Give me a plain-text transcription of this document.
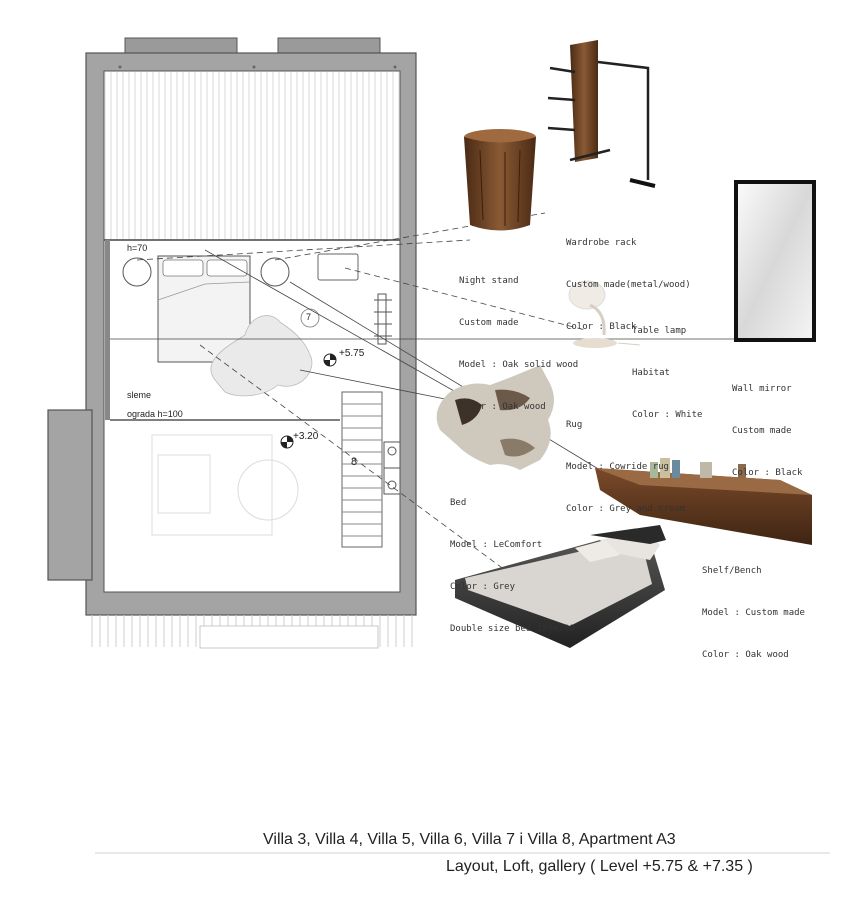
h=70
sleme
ograda h=100
7
8
+5.75
+3.20

Wardrobe rack

Custom made(metal/wood)

Color : Black

Night stand

Custom made

Model : Oak solid wood

Color : Oak wood

Table lamp

Habitat

Color : White

Wall mirror

Custom made

Color : Black

Rug

Model : Cowride rug

Color : Grey and cream

Bed

Model : LeComfort

Color : Grey

Double size bed 180x200

Shelf/Bench

Model : Custom made

Color : Oak wood

Villa 3, Villa 4, Villa 5, Villa 6, Villa 7 i Villa 8, Apartment A3
Layout, Loft, gallery ( Level +5.75 & +7.35 )
